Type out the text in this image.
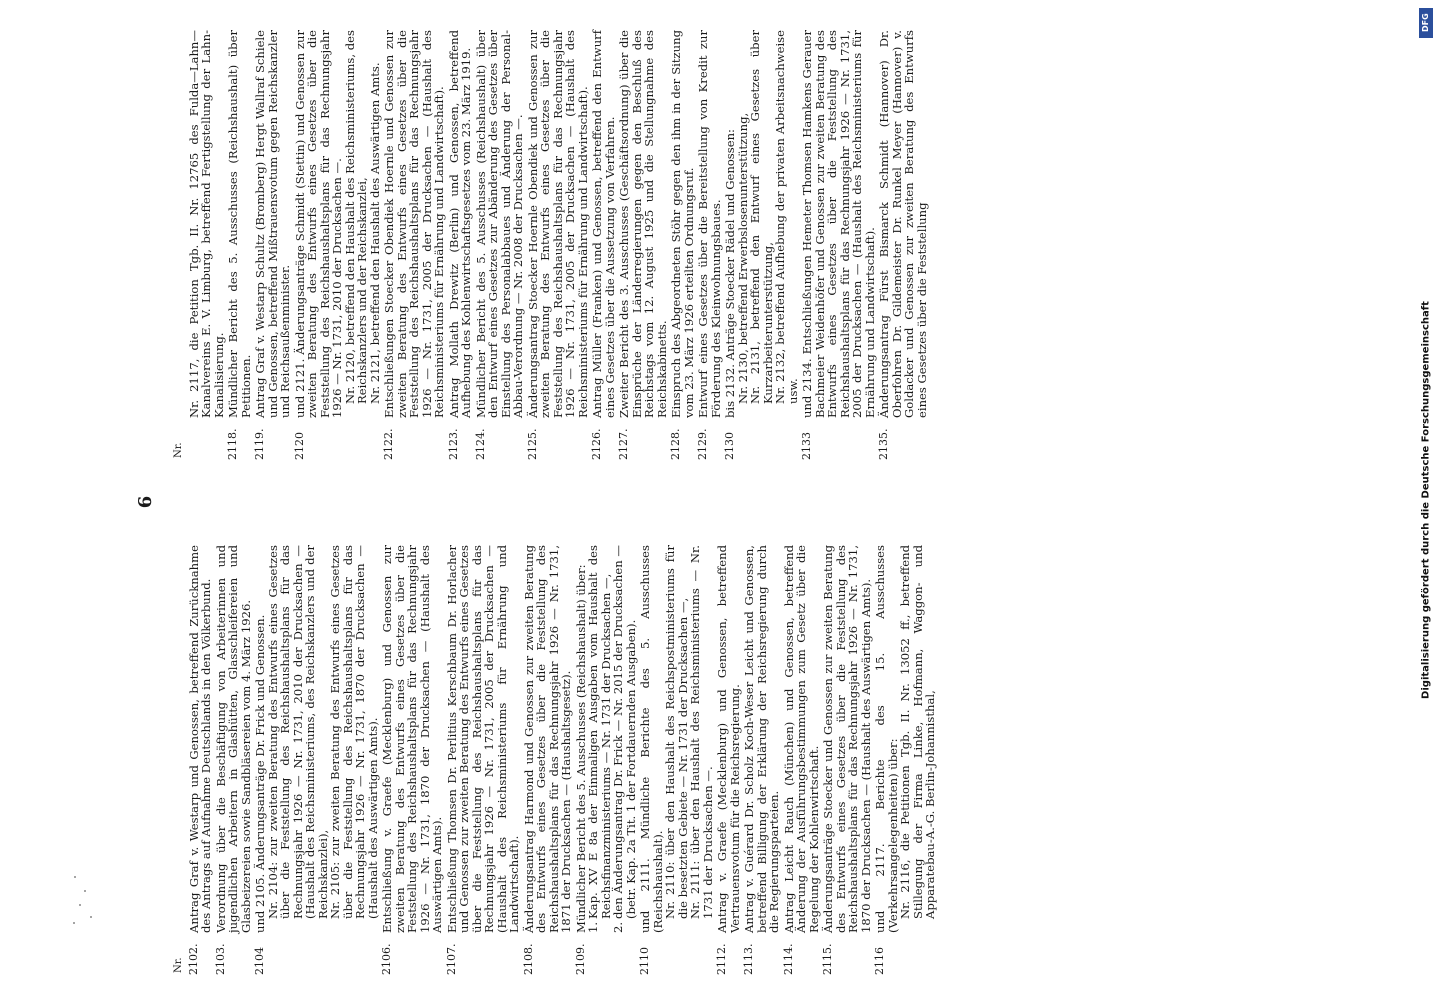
6
Nr. 2102.

Antrag Graf v. Westarp und Genossen, betreffend Zurücknahme des Antrags auf Aufnahme Deutschlands in den Völkerbund.

2103.

Verordnung über die Beschäftigung von Arbeiterinnen und jugendlichen Arbeitern in Glashütten, Glasschleifereien und Glasbeizereien sowie Sandbläsereien vom 4. März 1926.

2104

und 2105. Änderungsanträge Dr. Frick und Genossen.

Nr. 2104: zur zweiten Beratung des Entwurfs eines Gesetzes über die Feststellung des Reichshaushaltsplans für das Rechnungsjahr 1926 — Nr. 1731, 2010 der Drucksachen — (Haushalt des Reichsministeriums, des Reichskanzlers und der Reichskanzlei),

Nr. 2105: zur zweiten Beratung des Entwurfs eines Gesetzes über die Feststellung des Reichshaushaltsplans für das Rechnungsjahr 1926 — Nr. 1731, 1870 der Drucksachen — (Haushalt des Auswärtigen Amts).

2106.

Entschließung v. Graefe (Mecklenburg) und Genossen zur zweiten Beratung des Entwurfs eines Gesetzes über die Feststellung des Reichshaushaltsplans für das Rechnungsjahr 1926 — Nr. 1731, 1870 der Drucksachen — (Haushalt des Auswärtigen Amts).

2107.

Entschließung Thomsen Dr. Perlitius Kerschbaum Dr. Horlacher und Genossen zur zweiten Beratung des Entwurfs eines Gesetzes über die Feststellung des Reichshaushaltsplans für das Rechnungsjahr 1926 — Nr. 1731, 2005 der Drucksachen — (Haushalt des Reichsministeriums für Ernährung und Landwirtschaft).

2108.

Änderungsantrag Harmond und Genossen zur zweiten Beratung des Entwurfs eines Gesetzes über die Feststellung des Reichshaushaltsplans für das Rechnungsjahr 1926 — Nr. 1731, 1871 der Drucksachen — (Haushaltsgesetz).

2109.

Mündlicher Bericht des 5. Ausschusses (Reichshaushalt) über:

1.
Kap. XV E 8a der Einmaligen Ausgaben vom Haushalt des Reichsfinanzministeriums — Nr. 1731 der Drucksachen —,
2.
den Änderungsantrag Dr. Frick — Nr. 2015 der Drucksachen — (betr. Kap. 2a Tit. 1 der Fortdauernden Ausgaben).
2110

und 2111. Mündliche Berichte des 5. Ausschusses (Reichshaushalt).

Nr. 2110: über den Haushalt des Reichspostministeriums für die besetzten Gebiete — Nr. 1731 der Drucksachen —,

Nr. 2111: über den Haushalt des Reichsministeriums — Nr. 1731 der Drucksachen —.

2112.

Antrag v. Graefe (Mecklenburg) und Genossen, betreffend Vertrauensvotum für die Reichsregierung.

2113.

Antrag v. Guérard Dr. Scholz Koch-Weser Leicht und Genossen, betreffend Billigung der Erklärung der Reichsregierung durch die Regierungsparteien.

2114.

Antrag Leicht Rauch (München) und Genossen, betreffend Änderung der Ausführungsbestimmungen zum Gesetz über die Regelung der Kohlenwirtschaft.

2115.

Änderungsanträge Stoecker und Genossen zur zweiten Beratung des Entwurfs eines Gesetzes über die Feststellung des Reichshaushaltsplans für das Rechnungsjahr 1926 — Nr. 1731, 1870 der Drucksachen — (Haushalt des Auswärtigen Amts).

2116

und 2117. Berichte des 15. Ausschusses (Verkehrsangelegenheiten) über:

Nr. 2116, die Petitionen Tgb. II. Nr. 13052 ff., betreffend Stillegung der Firma Linke, Hofmann, Waggon- und Apparatebau-A.-G. Berlin-Johannisthal,

Nr.

Nr. 2117, die Petition Tgb. II. Nr. 12765 des Fulda—Lahn—Kanalvereins E. V. Limburg, betreffend Fertigstellung der Lahn-Kanalisierung.

2118.

Mündlicher Bericht des 5. Ausschusses (Reichshaushalt) über Petitionen.

2119.

Antrag Graf v. Westarp Schultz (Bromberg) Hergt Wallraf Schiele und Genossen, betreffend Mißtrauensvotum gegen Reichskanzler und Reichsaußenminister.

2120

und 2121. Änderungsanträge Schmidt (Stettin) und Genossen zur zweiten Beratung des Entwurfs eines Gesetzes über die Feststellung des Reichshaushaltsplans für das Rechnungsjahr 1926 — Nr. 1731, 2010 der Drucksachen —.

Nr. 2120, betreffend den Haushalt des Reichsministeriums, des Reichskanzlers und der Reichskanzlei,

Nr. 2121, betreffend den Haushalt des Auswärtigen Amts.

2122.

Entschließungen Stoecker Obendiek Hoernle und Genossen zur zweiten Beratung des Entwurfs eines Gesetzes über die Feststellung des Reichshaushaltsplans für das Rechnungsjahr 1926 — Nr. 1731, 2005 der Drucksachen — (Haushalt des Reichsministeriums für Ernährung und Landwirtschaft).

2123.

Antrag Mollath Drewitz (Berlin) und Genossen, betreffend Aufhebung des Kohlenwirtschaftsgesetzes vom 23. März 1919.

2124.

Mündlicher Bericht des 5. Ausschusses (Reichshaushalt) über den Entwurf eines Gesetzes zur Abänderung des Gesetzes über Einstellung des Personalabbaues und Änderung der Personal-Abbau-Verordnung — Nr. 2008 der Drucksachen —.

2125.

Änderungsantrag Stoecker Hoernle Obendiek und Genossen zur zweiten Beratung des Entwurfs eines Gesetzes über die Feststellung des Reichshaushaltsplans für das Rechnungsjahr 1926 — Nr. 1731, 2005 der Drucksachen — (Haushalt des Reichsministeriums für Ernährung und Landwirtschaft).

2126.

Antrag Müller (Franken) und Genossen, betreffend den Entwurf eines Gesetzes über die Aussetzung von Verfahren.

2127.

Zweiter Bericht des 3. Ausschusses (Geschäftsordnung) über die Einsprüche der Länderregierungen gegen den Beschluß des Reichstags vom 12. August 1925 und die Stellungnahme des Reichskabinetts.

2128.

Einspruch des Abgeordneten Stöhr gegen den ihm in der Sitzung vom 23. März 1926 erteilten Ordnungsruf.

2129.

Entwurf eines Gesetzes über die Bereitstellung von Kredit zur Förderung des Kleinwohnungsbaues.

2130

bis 2132. Anträge Stoecker Rädel und Genossen:

Nr. 2130, betreffend Erwerbslosenunterstützung,

Nr. 2131, betreffend den Entwurf eines Gesetzes über Kurzarbeiterunterstützung,

Nr. 2132, betreffend Aufhebung der privaten Arbeitsnachweise usw.

2133

und 2134. Entschließungen Hemeter Thomsen Hamkens Gerauer Bachmeier Weidenhöfer und Genossen zur zweiten Beratung des Entwurfs eines Gesetzes über die Feststellung des Reichshaushaltsplans für das Rechnungsjahr 1926 — Nr. 1731, 2005 der Drucksachen — (Haushalt des Reichsministeriums für Ernährung und Landwirtschaft).

2135.

Änderungsantrag Fürst Bismarck Schmidt (Hannover) Dr. Oberfohren Dr. Gildemeister Dr. Runkel Meyer (Hannover) v. Goldacker und Genossen zur zweiten Beratung des Entwurfs eines Gesetzes über die Feststellung

DFG
Digitalisierung gefördert durch die Deutsche Forschungsgemeinschaft
